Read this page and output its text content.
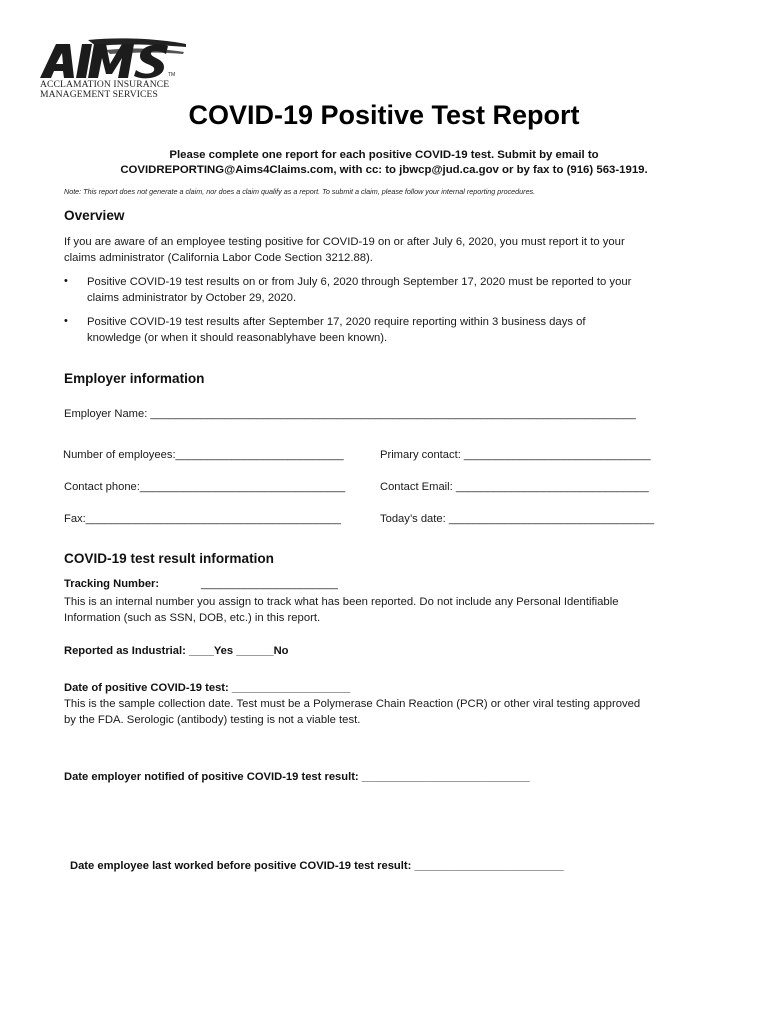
TM
ACCLAMATION INSURANCE
MANAGEMENT SERVICES
COVID-19 Positive Test Report
Please complete one report for each positive COVID-19 test. Submit by email to
COVIDREPORTING@Aims4Claims.com, with cc: to jbwcp@jud.ca.gov or by fax to (916) 563-1919.
Note: This report does not generate a claim, nor does a claim qualify as a report. To submit a claim, please follow your internal reporting procedures.
Overview
If you are aware of an employee testing positive for COVID-19 on or after July 6, 2020, you must report it to your
claims administrator (California Labor Code Section 3212.88).
• Positive COVID-19 test results on or from July 6, 2020 through September 17, 2020 must be reported to your
claims administrator by October 29, 2020.
• Positive COVID-19 test results after September 17, 2020 require reporting within 3 business days of
knowledge (or when it should reasonablyhave been known).
Employer information
Employer Name: ______________________________________________________________________________
Number of employees:___________________________	Primary contact: ______________________________
Contact phone:_________________________________	Contact Email: _______________________________
Fax:_________________________________________	Today’s date: _________________________________
COVID-19 test result information
Tracking Number:	______________________
This is an internal number you assign to track what has been reported. Do not include any Personal Identifiable
Information (such as SSN, DOB, etc.) in this report.
Reported as Industrial: ____Yes ______No
Date of positive COVID-19 test: ___________________
This is the sample collection date. Test must be a Polymerase Chain Reaction (PCR) or other viral testing approved
by the FDA. Serologic (antibody) testing is not a viable test.
Date employer notified of positive COVID-19 test result: ___________________________
Date employee last worked before positive COVID-19 test result: ________________________
